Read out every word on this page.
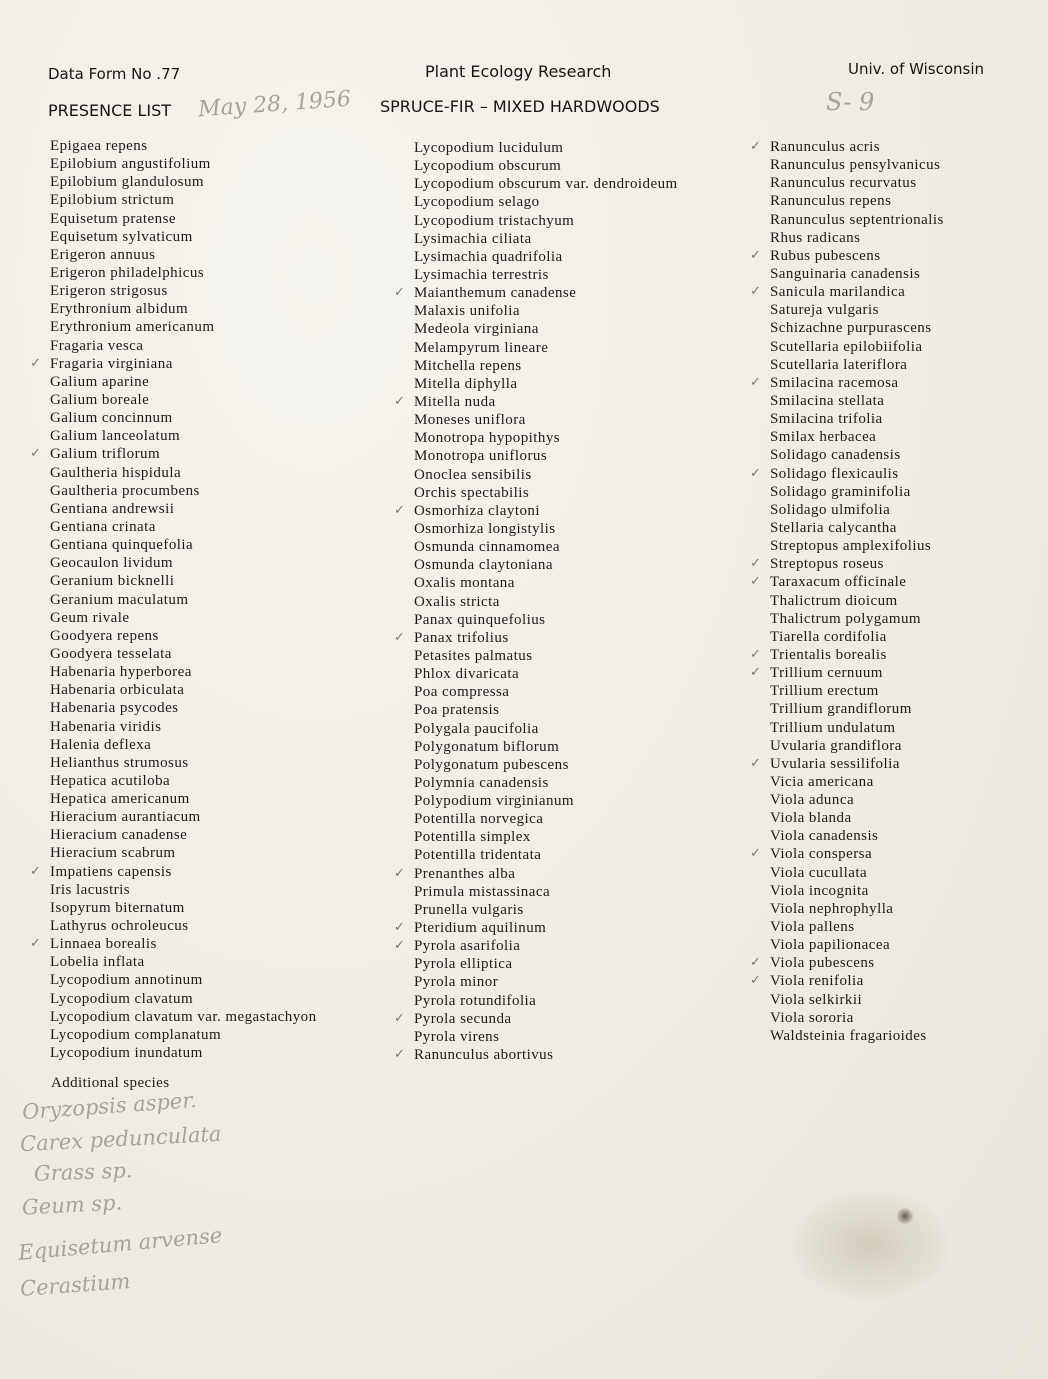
Data Form No .77	Plant Ecology Research	Univ. of Wisconsin
PRESENCE LIST May 28, 1956 SPRUCE-FIR – MIXED HARDWOODS	S- 9
Epigaea repens
Epilobium angustifolium
Epilobium glandulosum
Epilobium strictum
Equisetum pratense
Equisetum sylvaticum
Erigeron annuus
Erigeron philadelphicus
Erigeron strigosus
Erythronium albidum
Erythronium americanum
Fragaria vesca
✓ Fragaria virginiana
Galium aparine
Galium boreale
Galium concinnum
Galium lanceolatum
✓ Galium triflorum
Gaultheria hispidula
Gaultheria procumbens
Gentiana andrewsii
Gentiana crinata
Gentiana quinquefolia
Geocaulon lividum
Geranium bicknelli
Geranium maculatum
Geum rivale
Goodyera repens
Goodyera tesselata
Habenaria hyperborea
Habenaria orbiculata
Habenaria psycodes
Habenaria viridis
Halenia deflexa
Helianthus strumosus
Hepatica acutiloba
Hepatica americanum
Hieracium aurantiacum
Hieracium canadense
Hieracium scabrum
✓ Impatiens capensis
Iris lacustris
Isopyrum biternatum
Lathyrus ochroleucus
✓ Linnaea borealis
Lobelia inflata
Lycopodium annotinum
Lycopodium clavatum
Lycopodium clavatum var. megastachyon
Lycopodium complanatum
Lycopodium inundatum
Lycopodium lucidulum
Lycopodium obscurum
Lycopodium obscurum var. dendroideum
Lycopodium selago
Lycopodium tristachyum
Lysimachia ciliata
Lysimachia quadrifolia
Lysimachia terrestris
✓ Maianthemum canadense
Malaxis unifolia
Medeola virginiana
Melampyrum lineare
Mitchella repens
Mitella diphylla
✓ Mitella nuda
Moneses uniflora
Monotropa hypopithys
Monotropa uniflorus
Onoclea sensibilis
Orchis spectabilis
✓ Osmorhiza claytoni
Osmorhiza longistylis
Osmunda cinnamomea
Osmunda claytoniana
Oxalis montana
Oxalis stricta
Panax quinquefolius
✓ Panax trifolius
Petasites palmatus
Phlox divaricata
Poa compressa
Poa pratensis
Polygala paucifolia
Polygonatum biflorum
Polygonatum pubescens
Polymnia canadensis
Polypodium virginianum
Potentilla norvegica
Potentilla simplex
Potentilla tridentata
✓ Prenanthes alba
Primula mistassinaca
Prunella vulgaris
✓ Pteridium aquilinum
✓ Pyrola asarifolia
Pyrola elliptica
Pyrola minor
Pyrola rotundifolia
✓ Pyrola secunda
Pyrola virens
✓ Ranunculus abortivus
✓ Ranunculus acris
Ranunculus pensylvanicus
Ranunculus recurvatus
Ranunculus repens
Ranunculus septentrionalis
Rhus radicans
✓ Rubus pubescens
Sanguinaria canadensis
✓ Sanicula marilandica
Satureja vulgaris
Schizachne purpurascens
Scutellaria epilobiifolia
Scutellaria lateriflora
✓ Smilacina racemosa
Smilacina stellata
Smilacina trifolia
Smilax herbacea
Solidago canadensis
✓ Solidago flexicaulis
Solidago graminifolia
Solidago ulmifolia
Stellaria calycantha
Streptopus amplexifolius
✓ Streptopus roseus
✓ Taraxacum officinale
Thalictrum dioicum
Thalictrum polygamum
Tiarella cordifolia
✓ Trientalis borealis
✓ Trillium cernuum
Trillium erectum
Trillium grandiflorum
Trillium undulatum
Uvularia grandiflora
✓ Uvularia sessilifolia
Vicia americana
Viola adunca
Viola blanda
Viola canadensis
✓ Viola conspersa
Viola cucullata
Viola incognita
Viola nephrophylla
Viola pallens
Viola papilionacea
✓ Viola pubescens
✓ Viola renifolia
Viola selkirkii
Viola sororia
Waldsteinia fragarioides
Additional species
Oryzopsis asper.
Carex pedunculata
Grass sp.
Geum sp.
Equisetum arvense
Cerastium
